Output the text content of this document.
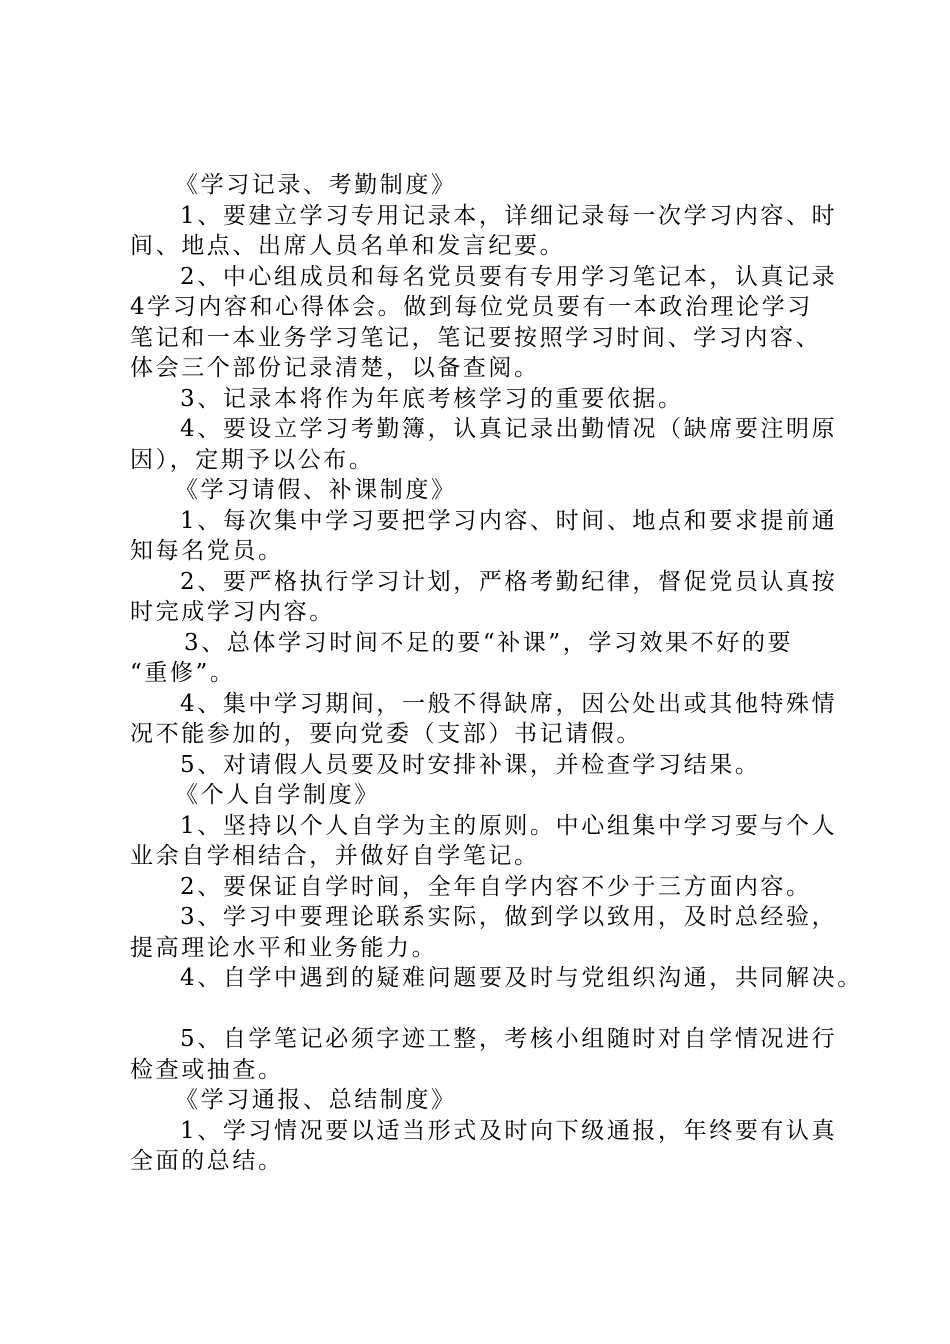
《学习记录、考勤制度》
1、要建立学习专用记录本，详细记录每一次学习内容、时
间、地点、出席人员名单和发言纪要。
2、中心组成员和每名党员要有专用学习笔记本，认真记录
4学习内容和心得体会。做到每位党员要有一本政治理论学习
笔记和一本业务学习笔记，笔记要按照学习时间、学习内容、
体会三个部份记录清楚，以备查阅。
3、记录本将作为年底考核学习的重要依据。
4、要设立学习考勤簿，认真记录出勤情况（缺席要注明原
因），定期予以公布。
《学习请假、补课制度》
1、每次集中学习要把学习内容、时间、地点和要求提前通
知每名党员。
2、要严格执行学习计划，严格考勤纪律，督促党员认真按
时完成学习内容。
3、总体学习时间不足的要“补课”，学习效果不好的要
“重修”。
4、集中学习期间，一般不得缺席，因公处出或其他特殊情
况不能参加的，要向党委（支部）书记请假。
5、对请假人员要及时安排补课，并检查学习结果。
《个人自学制度》
1、坚持以个人自学为主的原则。中心组集中学习要与个人
业余自学相结合，并做好自学笔记。
2、要保证自学时间，全年自学内容不少于三方面内容。
3、学习中要理论联系实际，做到学以致用，及时总经验，
提高理论水平和业务能力。
4、自学中遇到的疑难问题要及时与党组织沟通，共同解决。
5、自学笔记必须字迹工整，考核小组随时对自学情况进行
检查或抽查。
《学习通报、总结制度》
1、学习情况要以适当形式及时向下级通报，年终要有认真
全面的总结。
